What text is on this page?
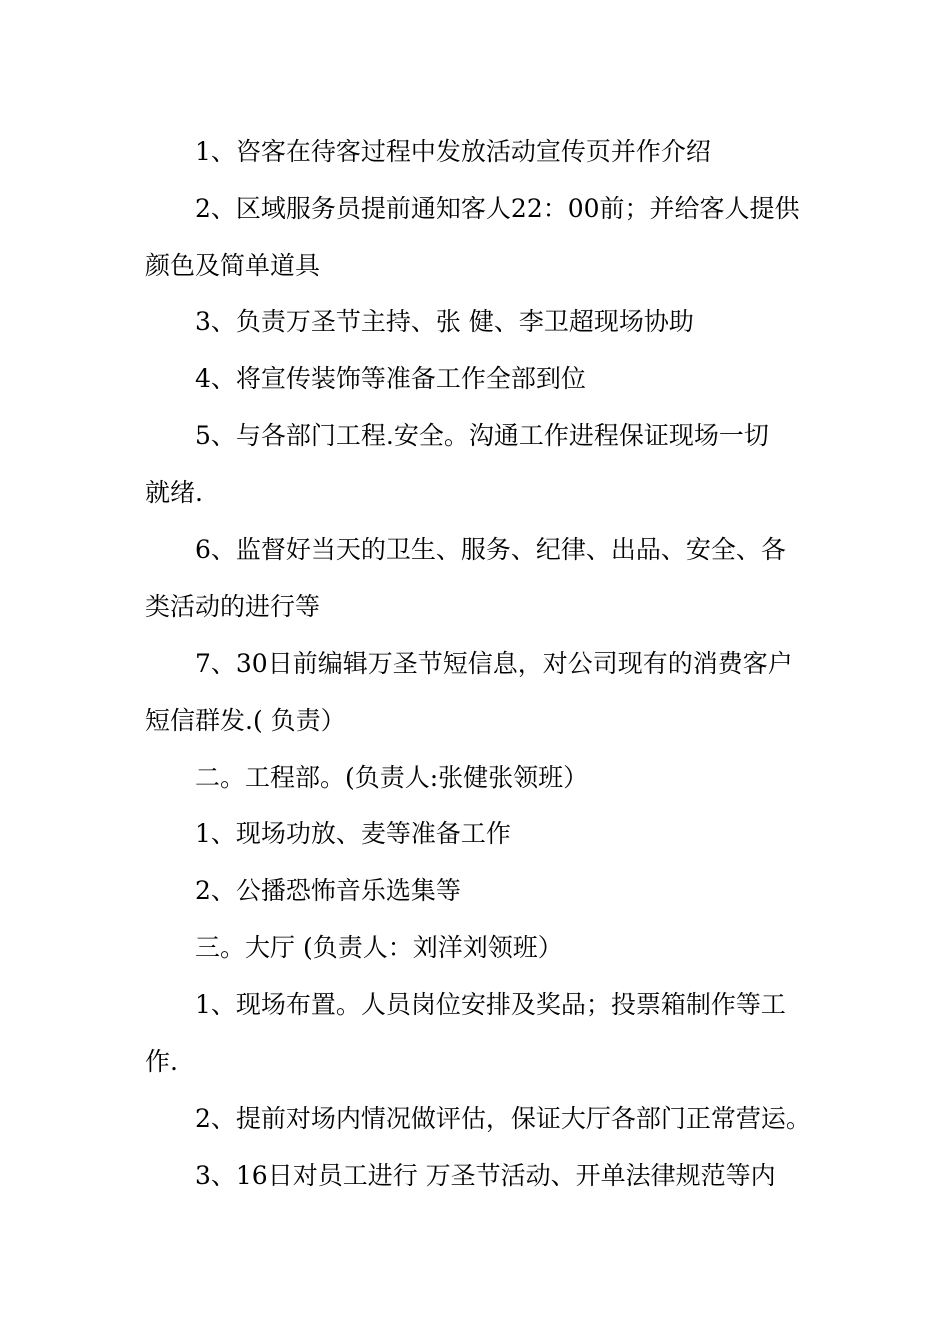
1、咨客在待客过程中发放活动宣传页并作介绍
2、区域服务员提前通知客人22：00前；并给客人提供
颜色及简单道具
3、负责万圣节主持、张 健、李卫超现场协助
4、将宣传装饰等准备工作全部到位
5、与各部门工程.安全。沟通工作进程保证现场一切
就绪.
6、监督好当天的卫生、服务、纪律、出品、安全、各
类活动的进行等
7、30日前编辑万圣节短信息，对公司现有的消费客户
短信群发.( 负责）
二。工程部。(负责人:张健张领班）
1、现场功放、麦等准备工作
2、公播恐怖音乐选集等
三。大厅 (负责人：刘洋刘领班）
1、现场布置。人员岗位安排及奖品；投票箱制作等工
作.
2、提前对场内情况做评估，保证大厅各部门正常营运。
3、16日对员工进行 万圣节活动、开单法律规范等内
